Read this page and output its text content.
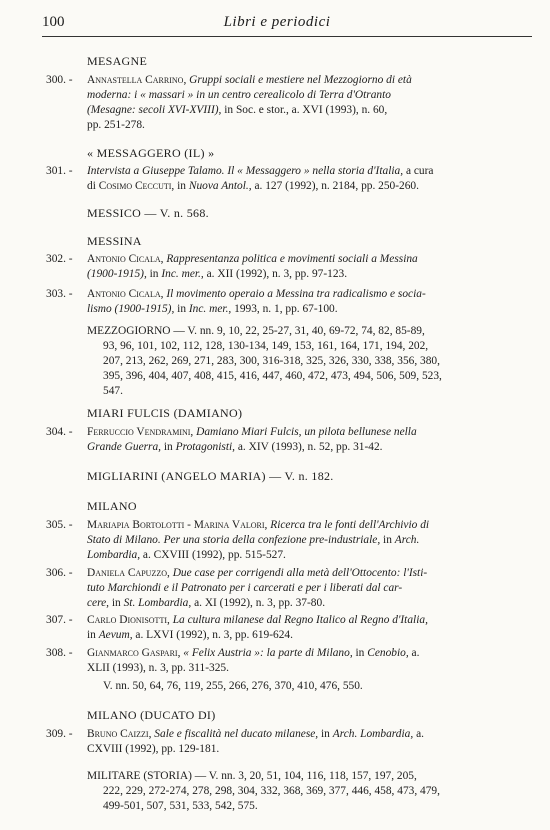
100	Libri e periodici
MESAGNE
300. - Annastella Carrino, Gruppi sociali e mestiere nel Mezzogiorno di età
moderna: i « massari » in un centro cerealicolo di Terra d'Otranto
(Mesagne: secoli XVI-XVIII), in Soc. e stor., a. XVI (1993), n. 60,
pp. 251-278.
« MESSAGGERO (IL) »
301. - Intervista a Giuseppe Talamo. Il « Messaggero » nella storia d'Italia, a cura
di Cosimo Ceccuti, in Nuova Antol., a. 127 (1992), n. 2184, pp. 250-260.
MESSICO — V. n. 568.
MESSINA
302. - Antonio Cicala, Rappresentanza politica e movimenti sociali a Messina
(1900-1915), in Inc. mer., a. XII (1992), n. 3, pp. 97-123.
303. - Antonio Cicala, Il movimento operaio a Messina tra radicalismo e socia-
lismo (1900-1915), in Inc. mer., 1993, n. 1, pp. 67-100.
MEZZOGIORNO — V. nn. 9, 10, 22, 25-27, 31, 40, 69-72, 74, 82, 85-89,
93, 96, 101, 102, 112, 128, 130-134, 149, 153, 161, 164, 171, 194, 202,
207, 213, 262, 269, 271, 283, 300, 316-318, 325, 326, 330, 338, 356, 380,
395, 396, 404, 407, 408, 415, 416, 447, 460, 472, 473, 494, 506, 509, 523,
547.
MIARI FULCIS (DAMIANO)
304. - Ferruccio Vendramini, Damiano Miari Fulcis, un pilota bellunese nella
Grande Guerra, in Protagonisti, a. XIV (1993), n. 52, pp. 31-42.
MIGLIARINI (ANGELO MARIA) — V. n. 182.
MILANO
305. - Mariapia Bortolotti - Marina Valori, Ricerca tra le fonti dell'Archivio di
Stato di Milano. Per una storia della confezione pre-industriale, in Arch.
Lombardia, a. CXVIII (1992), pp. 515-527.
306. - Daniela Capuzzo, Due case per corrigendi alla metà dell'Ottocento: l'Isti-
tuto Marchiondi e il Patronato per i carcerati e per i liberati dal car-
cere, in St. Lombardia, a. XI (1992), n. 3, pp. 37-80.
307. - Carlo Dionisotti, La cultura milanese dal Regno Italico al Regno d'Italia,
in Aevum, a. LXVI (1992), n. 3, pp. 619-624.
308. - Gianmarco Gaspari, « Felix Austria »: la parte di Milano, in Cenobio, a.
XLII (1993), n. 3, pp. 311-325.
V. nn. 50, 64, 76, 119, 255, 266, 276, 370, 410, 476, 550.
MILANO (DUCATO DI)
309. - Bruno Caizzi, Sale e fiscalità nel ducato milanese, in Arch. Lombardia, a.
CXVIII (1992), pp. 129-181.
MILITARE (STORIA) — V. nn. 3, 20, 51, 104, 116, 118, 157, 197, 205,
222, 229, 272-274, 278, 298, 304, 332, 368, 369, 377, 446, 458, 473, 479,
499-501, 507, 531, 533, 542, 575.
